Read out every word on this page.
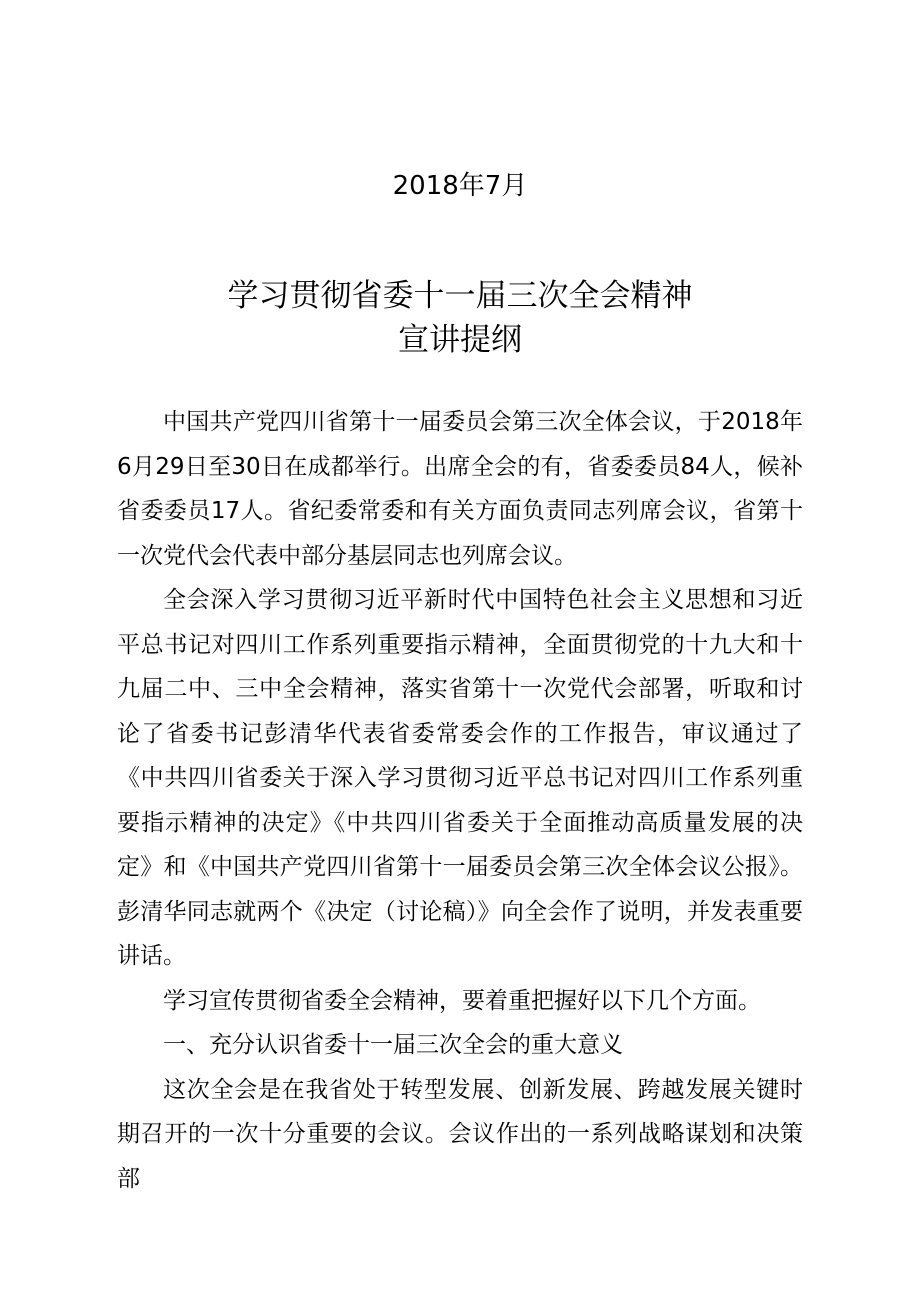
2018年7月
学习贯彻省委十一届三次全会精神
宣讲提纲

中国共产党四川省第十一届委员会第三次全体会议，于2018年6月29日至30日在成都举行。出席全会的有，省委委员84人，候补省委委员17人。省纪委常委和有关方面负责同志列席会议，省第十一次党代会代表中部分基层同志也列席会议。

全会深入学习贯彻习近平新时代中国特色社会主义思想和习近平总书记对四川工作系列重要指示精神，全面贯彻党的十九大和十九届二中、三中全会精神，落实省第十一次党代会部署，听取和讨论了省委书记彭清华代表省委常委会作的工作报告，审议通过了《中共四川省委关于深入学习贯彻习近平总书记对四川工作系列重要指示精神的决定》《中共四川省委关于全面推动高质量发展的决定》和《中国共产党四川省第十一届委员会第三次全体会议公报》。彭清华同志就两个《决定（讨论稿）》向全会作了说明，并发表重要讲话。

学习宣传贯彻省委全会精神，要着重把握好以下几个方面。

一、充分认识省委十一届三次全会的重大意义

这次全会是在我省处于转型发展、创新发展、跨越发展关键时期召开的一次十分重要的会议。会议作出的一系列战略谋划和决策部
